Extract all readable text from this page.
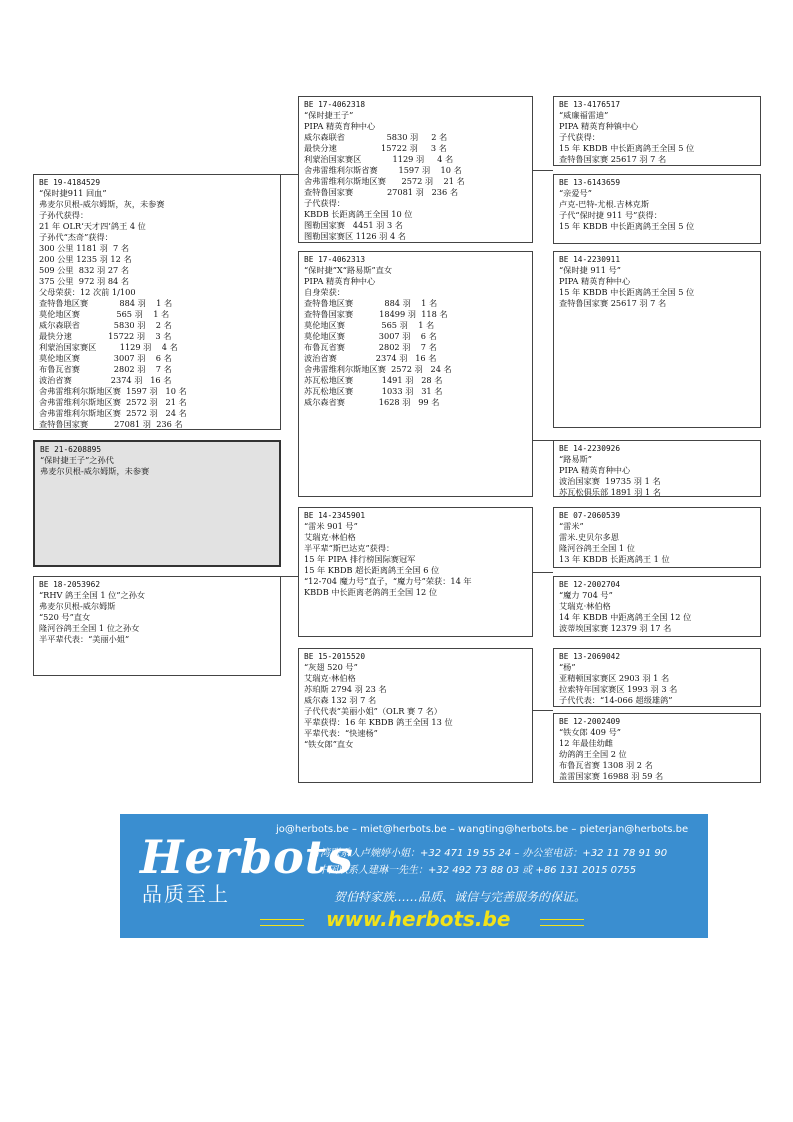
BE 19-4184529
“保时捷911 回血”
弗麦尔贝根-威尔姆斯，灰，未参赛
子孙代获得：
21 年 OLR‘天才四’鸽王 4 位
子孙代“杰奇”获得：
300 公里 1181 羽  7 名
200 公里 1235 羽 12 名
509 公里  832 羽 27 名
375 公里  972 羽 84 名
父母荣获：12 次前 1/100
查特鲁地区赛            884 羽    1 名
莫伦地区赛              565 羽    1 名
威尔森联省             5830 羽    2 名
最快分速              15722 羽    3 名
利蒙治国家赛区         1129 羽    4 名
莫伦地区赛             3007 羽    6 名
布鲁瓦省赛             2802 羽    7 名
波治省赛               2374 羽   16 名
舍弗雷维利尔斯地区赛  1597 羽   10 名
舍弗雷维利尔斯地区赛  2572 羽   21 名
舍弗雷维利尔斯地区赛  2572 羽   24 名
查特鲁国家赛          27081 羽  236 名
BE 21-6208895
“保时捷王子”之孙代
弗麦尔贝根-威尔姆斯，未参赛
BE 18-2053962
“RHV 鸽王全国 1 位”之孙女
弗麦尔贝根-威尔姆斯
“520 号”直女
隆河谷鸽王全国 1 位之孙女
半平辈代表：“美丽小姐”
BE 17-4062318
“保时捷王子”
PIPA 精英育种中心
威尔森联省                5830 羽     2 名
最快分速                 15722 羽     3 名
利蒙治国家赛区            1129 羽     4 名
舍弗雷维利尔斯省赛        1597 羽    10 名
舍弗雷维利尔斯地区赛      2572 羽    21 名
查特鲁国家赛             27081 羽   236 名
子代获得：
KBDB 长距离鸽王全国 10 位
图勒国家赛   4451 羽 3 名
图勒国家赛区 1126 羽 4 名
BE 17-4062313
“保时捷”X“路易斯”直女
PIPA 精英育种中心
自身荣获：
查特鲁地区赛            884 羽    1 名
查特鲁国家赛          18499 羽  118 名
莫伦地区赛              565 羽    1 名
莫伦地区赛             3007 羽    6 名
布鲁瓦省赛             2802 羽    7 名
波治省赛               2374 羽   16 名
舍弗雷维利尔斯地区赛  2572 羽   24 名
苏瓦松地区赛           1491 羽   28 名
苏瓦松地区赛           1033 羽   31 名
威尔森省赛             1628 羽   99 名
BE 14-2345901
“雷米 901 号”
艾瑞克·林伯格
半平辈“斯巴达克”获得：
15 年 PIPA 排行榜国际赛冠军
15 年 KBDB 超长距离鸽王全国 6 位
“12-704 魔力号”直子，“魔力号”荣获：14 年
KBDB 中长距离老鸽鸽王全国 12 位
BE 15-2015520
“灰翅 520 号”
艾瑞克·林伯格
苏珀斯 2794 羽 23 名
威尔森 132 羽 7 名
子代代表“美丽小姐”（OLR 赛 7 名）
平辈获得：16 年 KBDB 鸽王全国 13 位
平辈代表：“快速杨”
“铁女郎”直女
BE 13-4176517
“威廉福雷迪”
PIPA 精英育种镇中心
子代获得：
15 年 KBDB 中长距离鸽王全国 5 位
查特鲁国家赛 25617 羽 7 名
BE 13-6143659
“亲爱号”
卢克-巴特-尤根.吉林克斯
子代“保时捷 911 号”获得：
15 年 KBDB 中长距离鸽王全国 5 位
BE 14-2230911
“保时捷 911 号”
PIPA 精英育种中心
15 年 KBDB 中长距离鸽王全国 5 位
查特鲁国家赛 25617 羽 7 名
BE 14-2230926
“路易斯”
PIPA 精英育种中心
波治国家赛  19735 羽 1 名
苏瓦松俱乐部 1891 羽 1 名
BE 07-2060539
“雷米”
雷米.史贝尔多恩
隆河谷鸽王全国 1 位
13 年 KBDB 长距离鸽王 1 位
BE 12-2002704
“魔力 704 号”
艾瑞克·林伯格
14 年 KBDB 中距离鸽王全国 12 位
波蒂埃国家赛 12379 羽 17 名
BE 13-2069042
“杨”
亚精顿国家赛区 2903 羽 1 名
拉索特年国家赛区 1993 羽 3 名
子代代表：“14-066 超级雄鸽”
BE 12-2002409
“铁女郎 409 号”
12 年最佳幼雌
幼鸽鸽王全国 2 位
布鲁瓦省赛 1308 羽 2 名
盖雷国家赛 16988 羽 59 名
Herbots
品质至上
jo@herbots.be – miet@herbots.be – wangting@herbots.be – pieterjan@herbots.be
台湾联系人卢婉婷小姐：+32 471 19 55 24 – 办公室电话：+32 11 78 91 90
中国联系人建琳一先生：+32 492 73 88 03 或 +86 131 2015 0755
贺伯特家族……品质、诚信与完善服务的保证。
www.herbots.be
